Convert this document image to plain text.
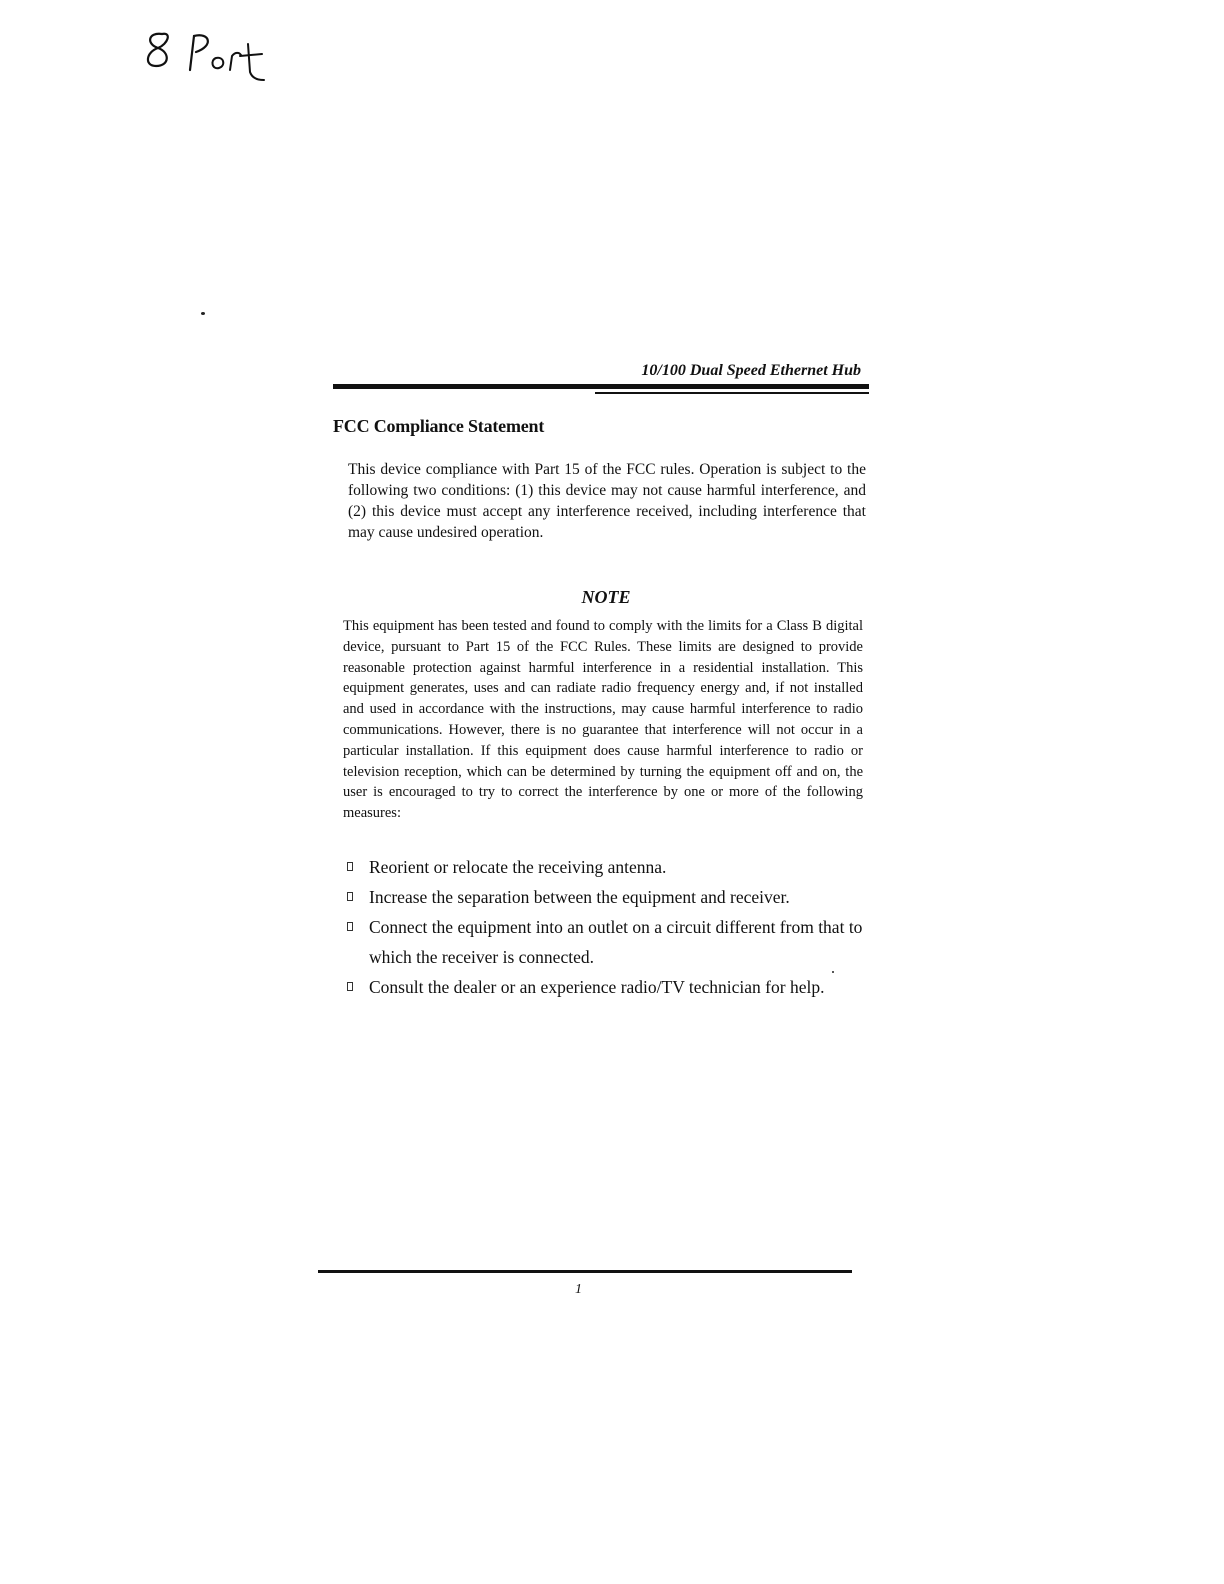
10/100 Dual Speed Ethernet Hub
FCC Compliance Statement

This device compliance with Part 15 of the FCC rules. Operation is subject to the following two conditions: (1) this device may not cause harmful interference, and (2) this device must accept any interference received, including interference that may cause undesired operation.

NOTE

This equipment has been tested and found to comply with the limits for a Class B digital device, pursuant to Part 15 of the FCC Rules. These limits are designed to provide reasonable protection against harmful interference in a residential installation. This equipment generates, uses and can radiate radio frequency energy and, if not installed and used in accordance with the instructions, may cause harmful interference to radio communications. However, there is no guarantee that interference will not occur in a particular installation. If this equipment does cause harmful interference to radio or television reception, which can be determined by turning the equipment off and on, the user is encouraged to try to correct the interference by one or more of the following measures:

Reorient or relocate the receiving antenna.
Increase the separation between the equipment and receiver.
Connect the equipment into an outlet on a circuit different from that to which the receiver is connected.
Consult the dealer or an experience radio/TV technician for help.
1
